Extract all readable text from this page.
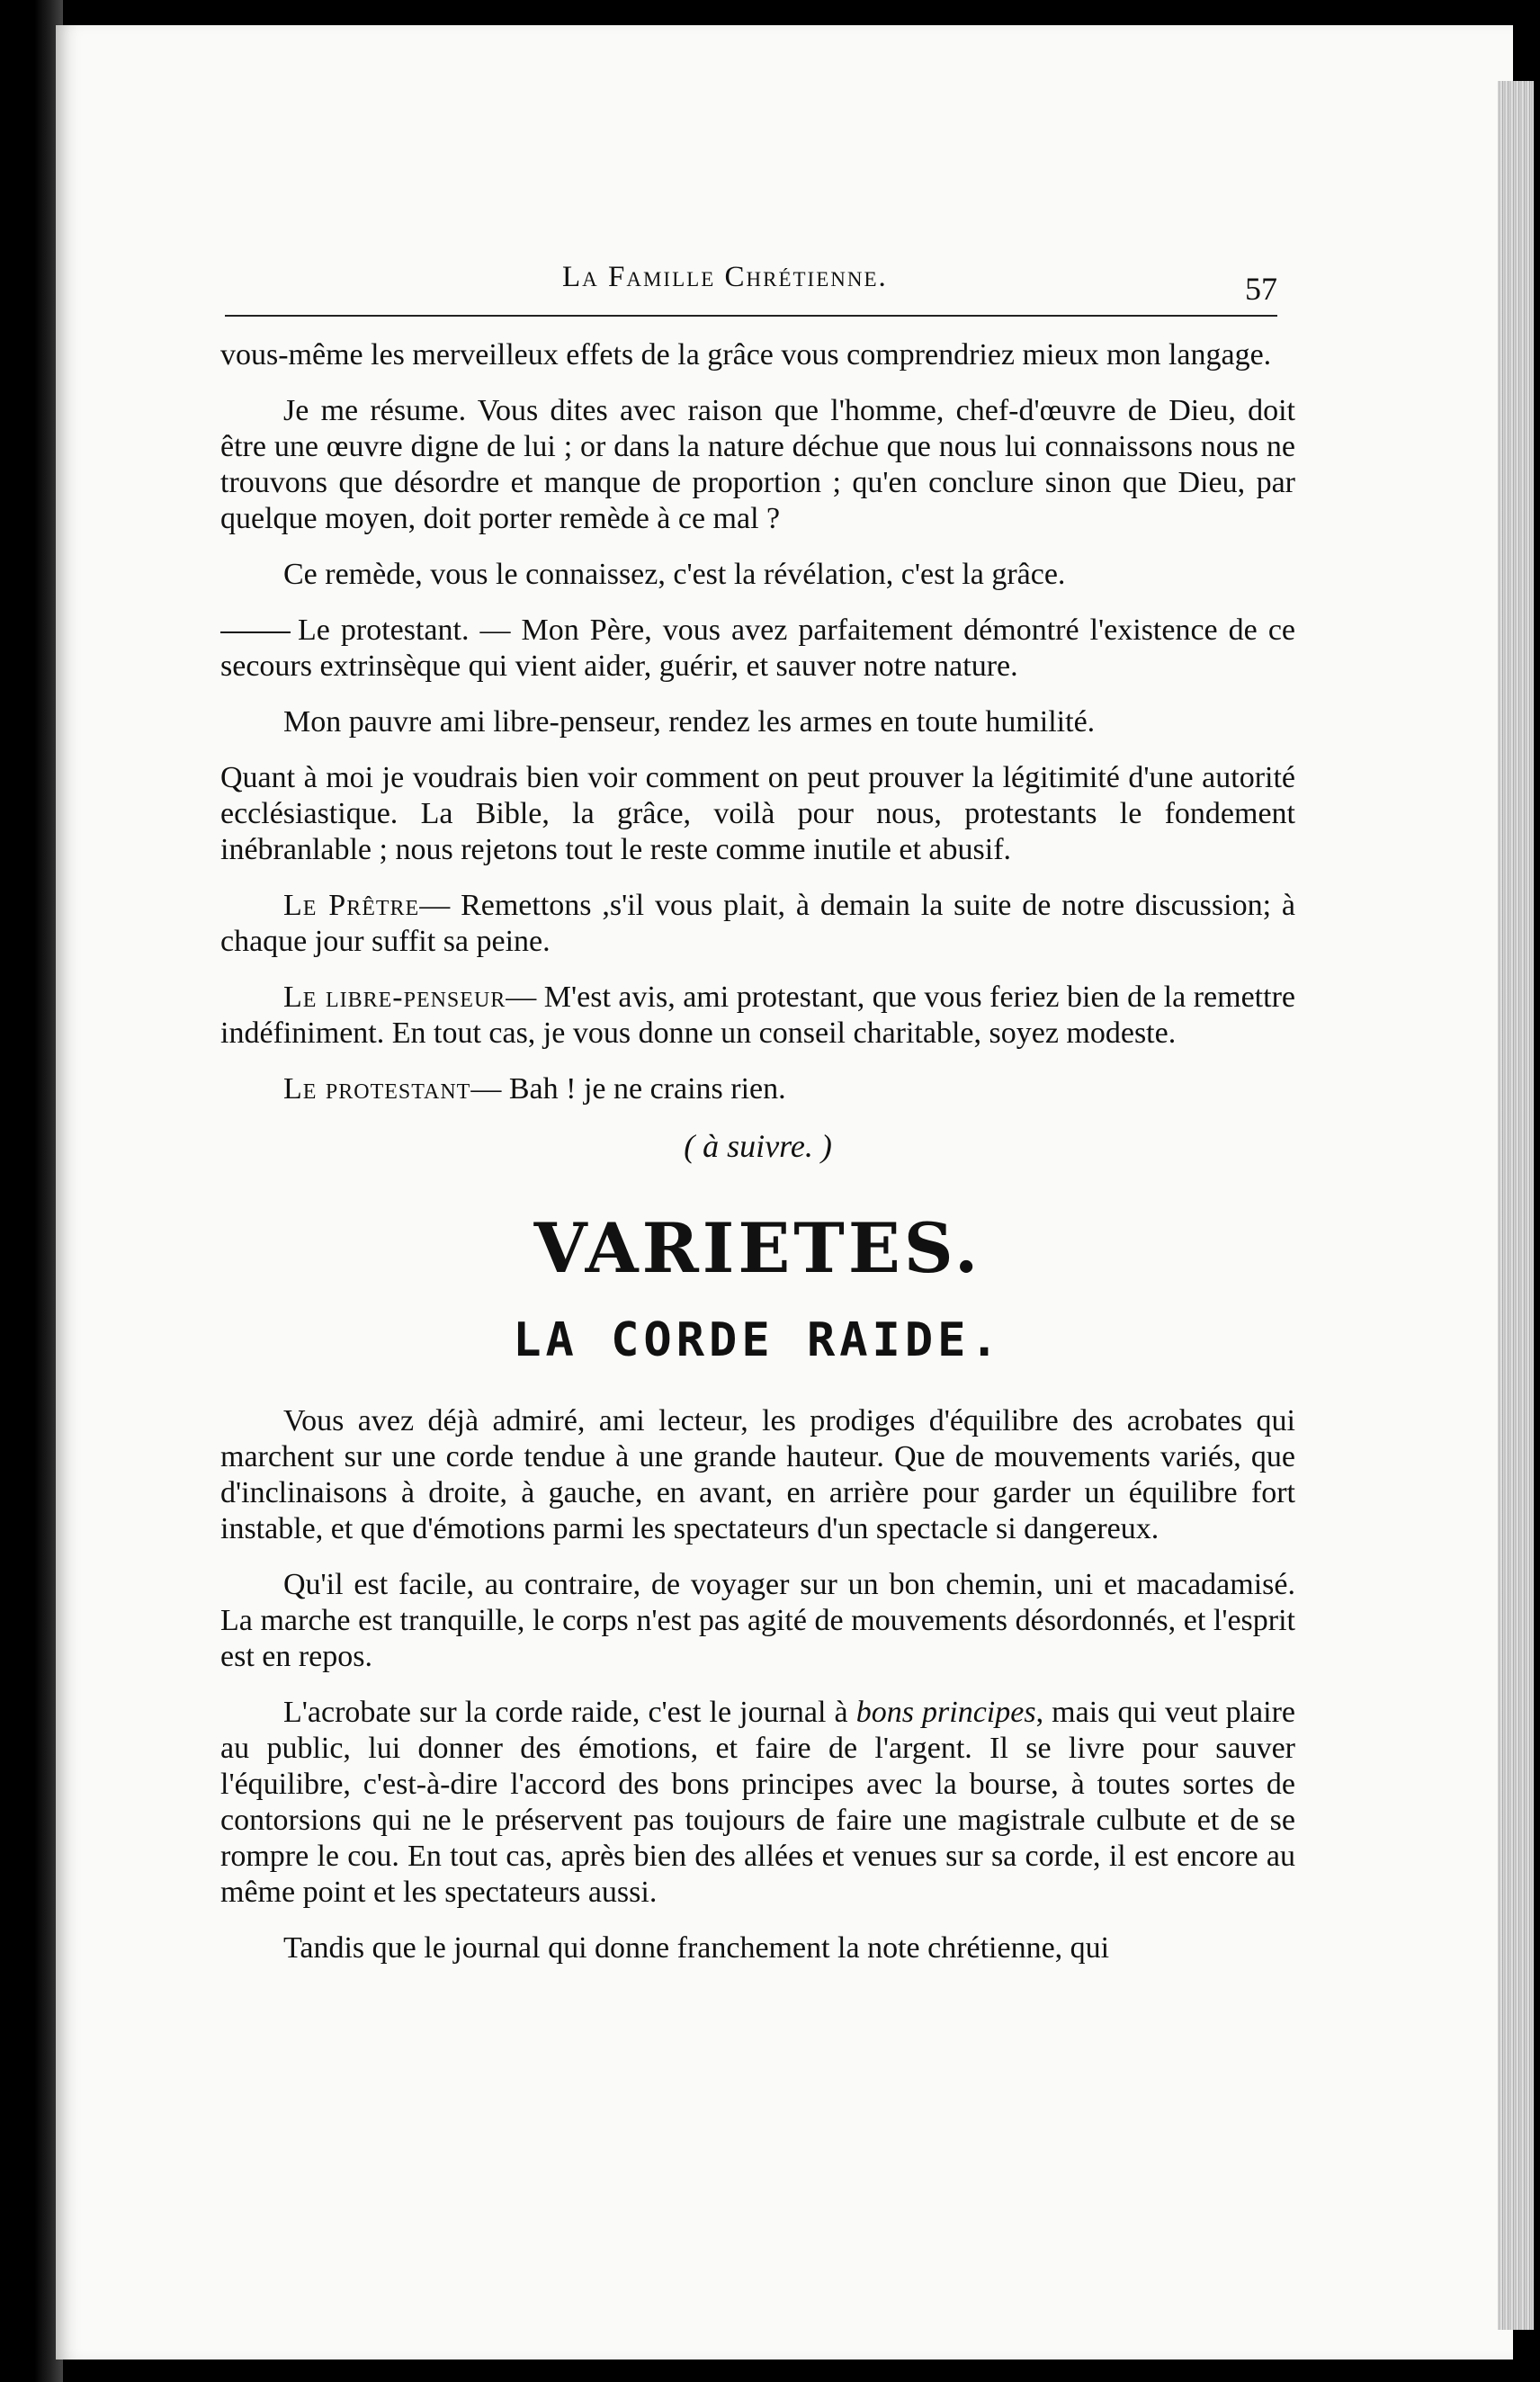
La Famille Chrétienne.	57

vous-même les merveilleux effets de la grâce vous comprendriez mieux mon langage.

Je me résume. Vous dites avec raison que l'homme, chef-d'œuvre de Dieu, doit être une œuvre digne de lui ; or dans la nature déchue que nous lui connaissons nous ne trouvons que désordre et manque de proportion ; qu'en conclure sinon que Dieu, par quelque moyen, doit porter remède à ce mal ?

Ce remède, vous le connaissez, c'est la révélation, c'est la grâce.

Le protestant. — Mon Père, vous avez parfaitement démontré l'existence de ce secours extrinsèque qui vient aider, guérir, et sauver notre nature.

Mon pauvre ami libre-penseur, rendez les armes en toute humilité.

Quant à moi je voudrais bien voir comment on peut prouver la légitimité d'une autorité ecclésiastique. La Bible, la grâce, voilà pour nous, protestants le fondement inébranlable ; nous rejetons tout le reste comme inutile et abusif.

Le Prêtre— Remettons ,s'il vous plait, à demain la suite de notre discussion; à chaque jour suffit sa peine.

Le libre-penseur— M'est avis, ami protestant, que vous feriez bien de la remettre indéfiniment. En tout cas, je vous donne un conseil charitable, soyez modeste.

Le protestant— Bah ! je ne crains rien.

( à suivre. )
VARIETES.
LA CORDE RAIDE.

Vous avez déjà admiré, ami lecteur, les prodiges d'équilibre des acrobates qui marchent sur une corde tendue à une grande hauteur. Que de mouvements variés, que d'inclinaisons à droite, à gauche, en avant, en arrière pour garder un équilibre fort instable, et que d'émotions parmi les spectateurs d'un spectacle si dangereux.

Qu'il est facile, au contraire, de voyager sur un bon chemin, uni et macadamisé. La marche est tranquille, le corps n'est pas agité de mouvements désordonnés, et l'esprit est en repos.

L'acrobate sur la corde raide, c'est le journal à bons principes, mais qui veut plaire au public, lui donner des émotions, et faire de l'argent. Il se livre pour sauver l'équilibre, c'est-à-dire l'accord des bons principes avec la bourse, à toutes sortes de contorsions qui ne le préservent pas toujours de faire une magistrale culbute et de se rompre le cou. En tout cas, après bien des allées et venues sur sa corde, il est encore au même point et les spectateurs aussi.

Tandis que le journal qui donne franchement la note chrétienne, qui
